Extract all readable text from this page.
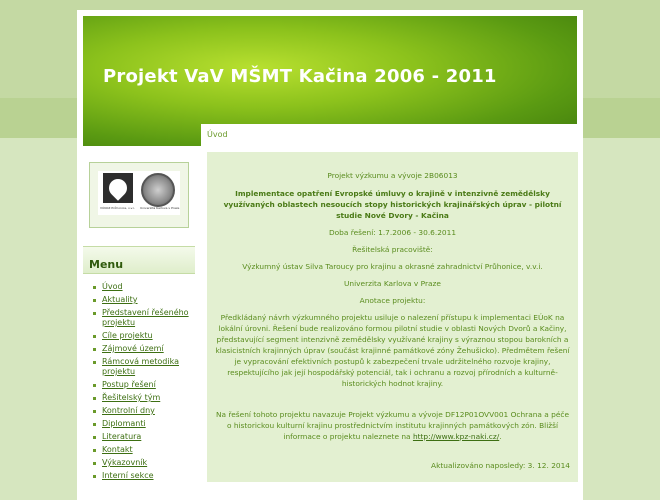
Projekt VaV MŠMT Kačina 2006 - 2011
Úvod
VÚKOZ Průhonice, v.v.i. Univerzita Karlova v Praze
$_{Menu}$
Úvod
Aktuality
Představení řešeného projektu
Cíle projektu
Zájmové území
Rámcová metodika projektu
Postup řešení
Řešitelský tým
Kontrolní dny
Diplomanti
Literatura
Kontakt
Výkazovník
Interní sekce

Projekt výzkumu a vývoje 2B06013

Implementace opatření Evropské úmluvy o krajině v intenzivně zemědělsky využívaných oblastech nesoucích stopy historických krajinářských úprav - pilotní studie Nové Dvory - Kačina

Doba řešení: 1.7.2006 - 30.6.2011

Řešitelská pracoviště:

Výzkumný ústav Silva Taroucy pro krajinu a okrasné zahradnictví Průhonice, v.v.i.

Univerzita Karlova v Praze

Anotace projektu:

Předkládaný návrh výzkumného projektu usiluje o nalezení přístupu k implementaci EÚoK na lokální úrovni. Řešení bude realizováno formou pilotní studie v oblasti Nových Dvorů a Kačiny, představující segment intenzivně zemědělsky využívané krajiny s výraznou stopou barokních a klasicistních krajinných úprav (součást krajinné památkové zóny Žehušicko). Předmětem řešení je vypracování efektivních postupů k zabezpečení trvale udržitelného rozvoje krajiny, respektujícího jak její hospodářský potenciál, tak i ochranu a rozvoj přírodních a kulturně-historických hodnot krajiny.

Na řešení tohoto projektu navazuje Projekt výzkumu a vývoje DF12P01OVV001 Ochrana a péče o historickou kulturní krajinu prostřednictvím institutu krajinných památkových zón. Bližší informace o projektu naleznete na http://www.kpz-naki.cz/.

Aktualizováno naposledy: 3. 12. 2014
